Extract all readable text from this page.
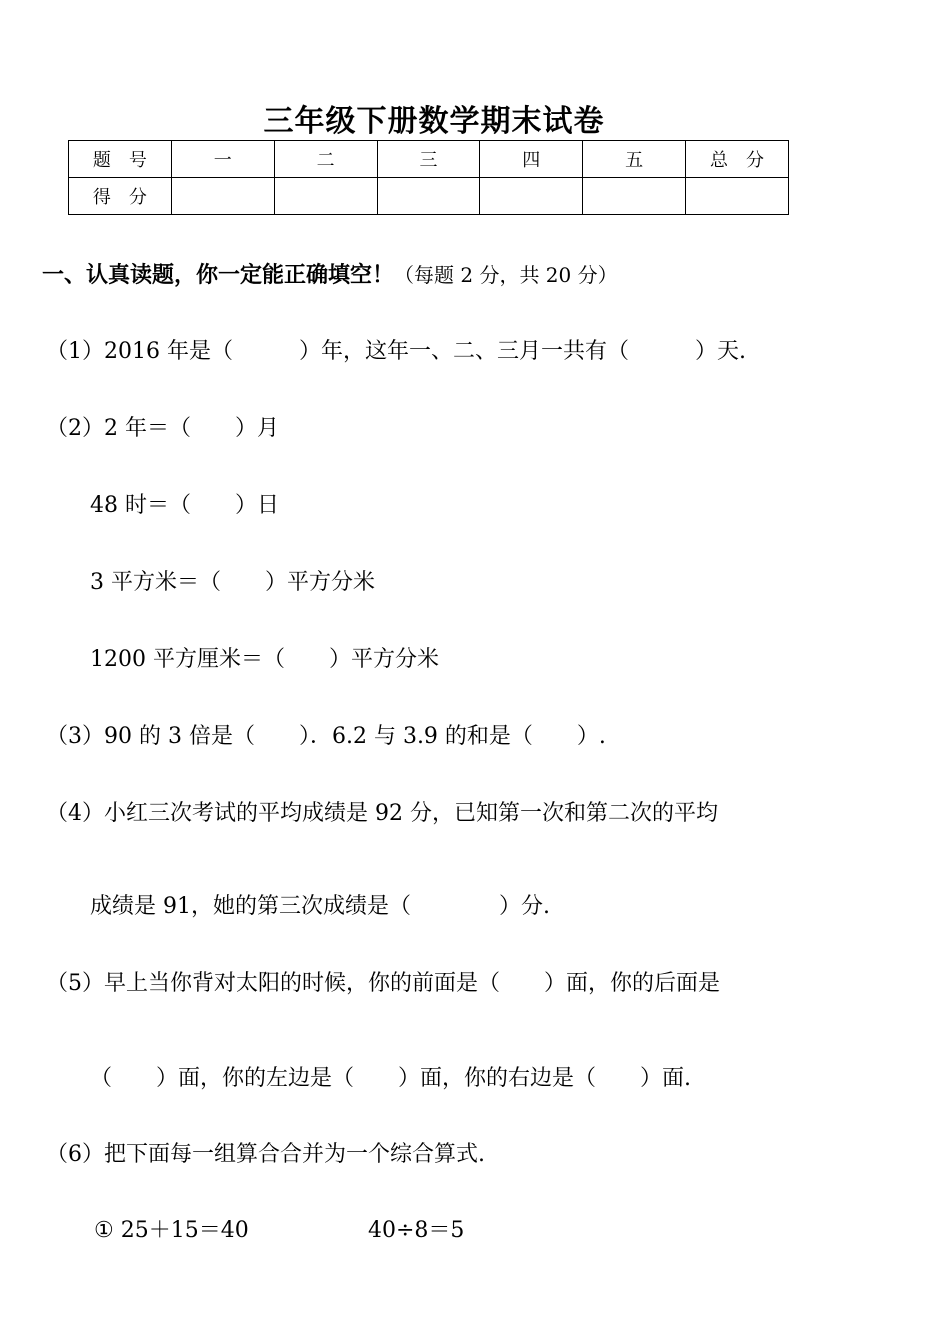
三年级下册数学期末试卷
题　号	一	二	三	四	五	总　分
得　分						
一、认真读题，你一定能正确填空！（每题 2 分，共 20 分）
（1）2016 年是（　　　）年，这年一、二、三月一共有（　　　）天.
（2）2 年＝（　　）月
48 时＝（　　）日
3 平方米＝（　　）平方分米
1200 平方厘米＝（　　）平方分米
（3）90 的 3 倍是（　　）．6.2 与 3.9 的和是（　　）.
（4）小红三次考试的平均成绩是 92 分，已知第一次和第二次的平均
成绩是 91，她的第三次成绩是（　　　　）分.
（5）早上当你背对太阳的时候，你的前面是（　　）面，你的后面是
（　　）面，你的左边是（　　）面，你的右边是（　　）面.
（6）把下面每一组算合合并为一个综合算式.
① 25＋15＝40	40÷8＝5
